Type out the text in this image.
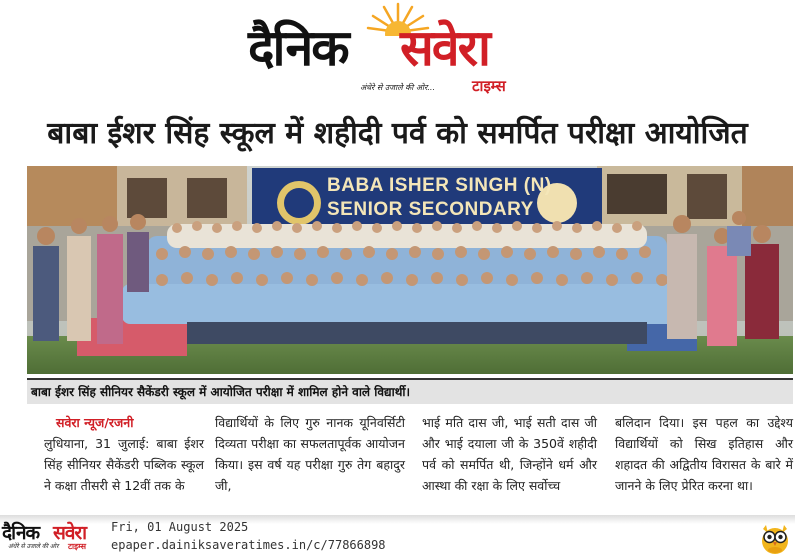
दैनिक सवेरा
अंधेरे से उजाले की ओर... टाइम्स
बाबा ईशर सिंह स्कूल में शहीदी पर्व को समर्पित परीक्षा आयोजित
BABA ISHER SINGH (N)
SENIOR SECONDARY
बाबा ईशर सिंह सीनियर सैकेंडरी स्कूल में आयोजित परीक्षा में शामिल होने वाले विद्यार्थी।
सवेरा न्यूज/रजनी

लुधियाना, 31 जुलाई: बाबा ईशर सिंह सीनियर सैकेंडरी पब्लिक स्कूल ने कक्षा तीसरी से 12वीं तक के

विद्यार्थियों के लिए गुरु नानक यूनिवर्सिटी दिव्यता परीक्षा का सफलतापूर्वक आयोजन किया। इस वर्ष यह परीक्षा गुरु तेग बहादुर जी,

भाई मति दास जी, भाई सती दास जी और भाई दयाला जी के 350वें शहीदी पर्व को समर्पित थी, जिन्होंने धर्म और आस्था की रक्षा के लिए सर्वोच्च

बलिदान दिया। इस पहल का उद्देश्य विद्यार्थियों को सिख इतिहास और शहादत की अद्वितीय विरासत के बारे में जानने के लिए प्रेरित करना था।

दैनिक सवेरा
अंधेरे से उजाले की ओर टाइम्स
Fri, 01 August 2025
epaper.dainiksaveratimes.in/c/77866898
